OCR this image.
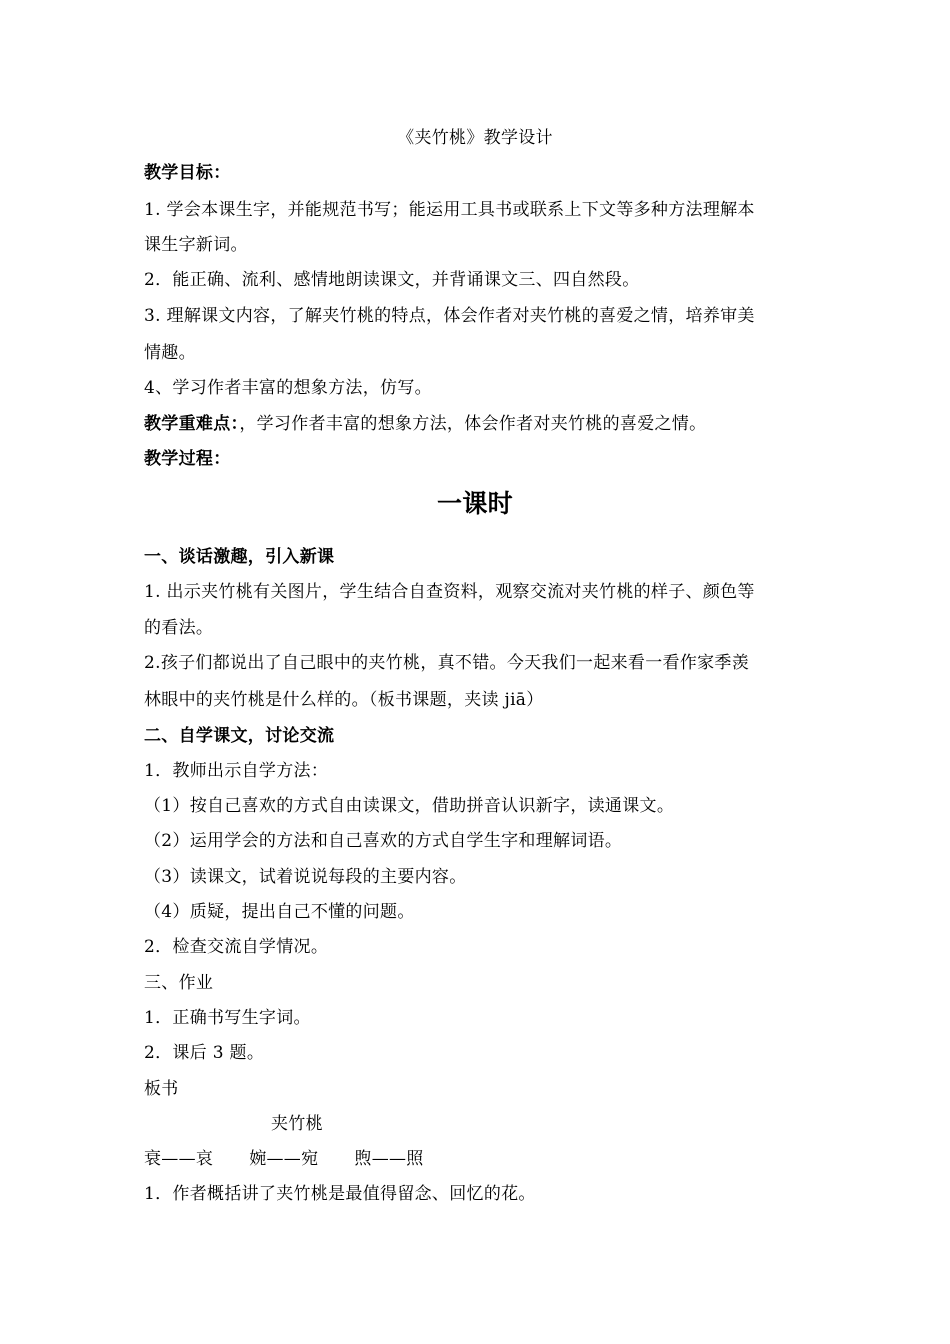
《夹竹桃》教学设计
教学目标：
1. 学会本课生字，并能规范书写；能运用工具书或联系上下文等多种方法理解本
课生字新词。
2．能正确、流利、感情地朗读课文，并背诵课文三、四自然段。
3. 理解课文内容，了解夹竹桃的特点，体会作者对夹竹桃的喜爱之情，培养审美
情趣。
4、学习作者丰富的想象方法，仿写。
教学重难点：，学习作者丰富的想象方法，体会作者对夹竹桃的喜爱之情。
教学过程：
一课时
一、谈话激趣，引入新课
1. 出示夹竹桃有关图片，学生结合自查资料，观察交流对夹竹桃的样子、颜色等
的看法。
2.孩子们都说出了自己眼中的夹竹桃，真不错。今天我们一起来看一看作家季羡
林眼中的夹竹桃是什么样的。（板书课题，夹读 jiā）
二、自学课文，讨论交流
1．教师出示自学方法：
（1）按自己喜欢的方式自由读课文，借助拼音认识新字，读通课文。
（2）运用学会的方法和自己喜欢的方式自学生字和理解词语。
（3）读课文，试着说说每段的主要内容。
（4）质疑，提出自己不懂的问题。
2．检查交流自学情况。
三、作业
1．正确书写生字词。
2．课后 3 题。
板书
夹竹桃
衰——哀 婉——宛 煦——照
1．作者概括讲了夹竹桃是最值得留念、回忆的花。
